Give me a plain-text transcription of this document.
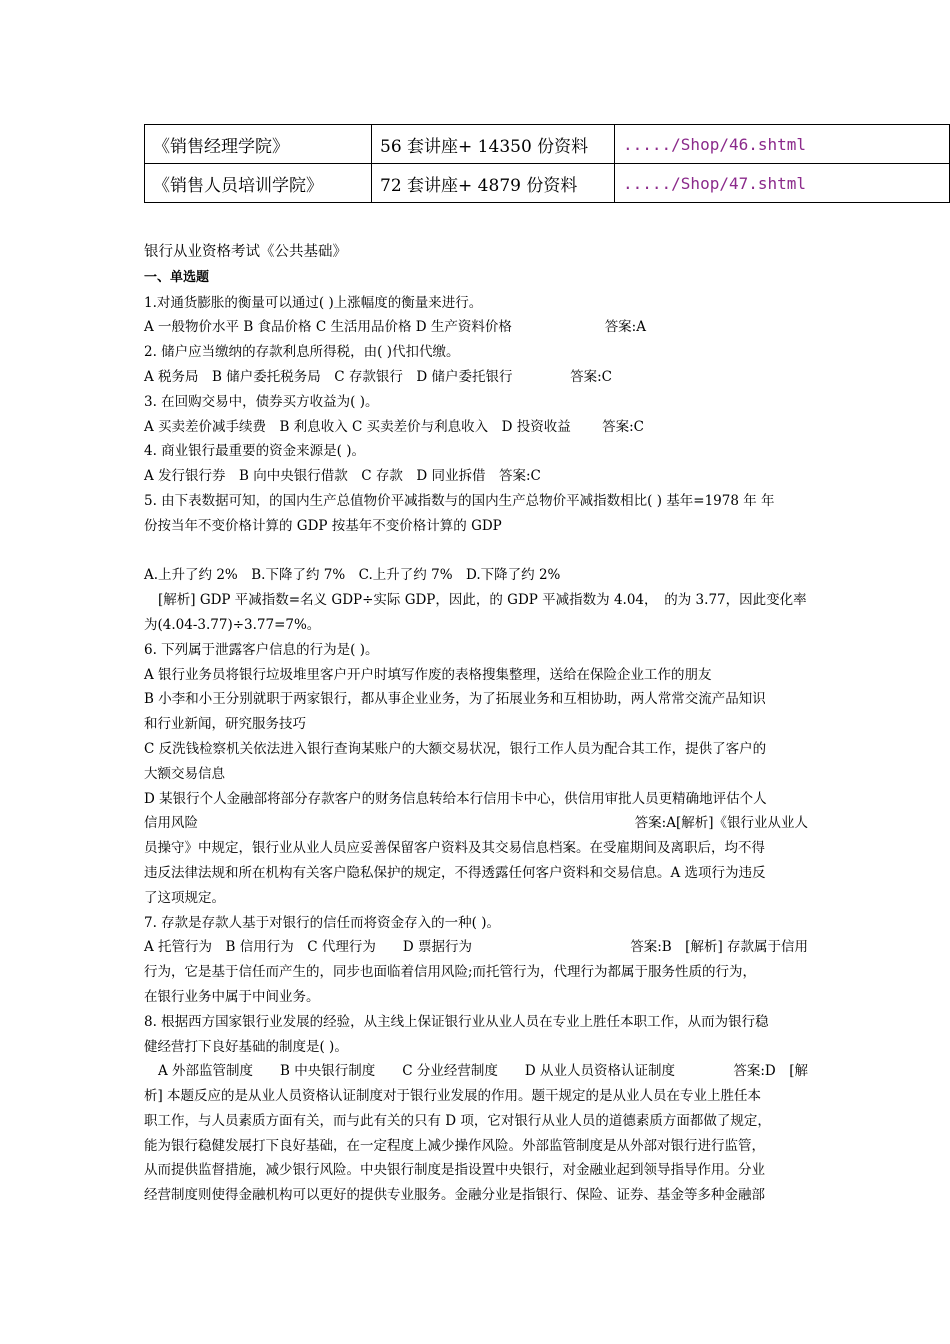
《销售经理学院》	56 套讲座+ 14350 份资料	...../Shop/46.shtml
《销售人员培训学院》	72 套讲座+ 4879 份资料	...../Shop/47.shtml
银行从业资格考试《公共基础》
一、单选题

1.对通货膨胀的衡量可以通过( )上涨幅度的衡量来进行。

A 一般物价水平 B 食品价格 C 生活用品价格 D 生产资料价格	答案:A

2. 储户应当缴纳的存款利息所得税，由( )代扣代缴。

A 税务局　B 储户委托税务局　C 存款银行　D 储户委托银行	答案:C

3. 在回购交易中，债券买方收益为( )。

A 买卖差价减手续费　B 利息收入 C 买卖差价与利息收入　D 投资收益 答案:C

4. 商业银行最重要的资金来源是( )。

A 发行银行券　B 向中央银行借款　C 存款　D 同业拆借　答案:C

5. 由下表数据可知，的国内生产总值物价平减指数与的国内生产总物价平减指数相比( ) 基年=1978 年 年

份按当年不变价格计算的 GDP 按基年不变价格计算的 GDP

A.上升了约 2%　B.下降了约 7%　C.上升了约 7%　D.下降了约 2%

[解析] GDP 平减指数=名义 GDP÷实际 GDP，因此，的 GDP 平减指数为 4.04，　的为 3.77，因此变化率

为(4.04-3.77)÷3.77=7%。

6. 下列属于泄露客户信息的行为是( )。

A 银行业务员将银行垃圾堆里客户开户时填写作废的表格搜集整理，送给在保险企业工作的朋友

B 小李和小王分别就职于两家银行，都从事企业业务，为了拓展业务和互相协助，两人常常交流产品知识

和行业新闻，研究服务技巧

C 反洗钱检察机关依法进入银行查询某账户的大额交易状况，银行工作人员为配合其工作，提供了客户的

大额交易信息

D 某银行个人金融部将部分存款客户的财务信息转给本行信用卡中心，供信用审批人员更精确地评估个人

信用风险	答案:A[解析]《银行业从业人

员操守》中规定，银行业从业人员应妥善保留客户资料及其交易信息档案。在受雇期间及离职后，均不得

违反法律法规和所在机构有关客户隐私保护的规定，不得透露任何客户资料和交易信息。A 选项行为违反

了这项规定。

7. 存款是存款人基于对银行的信任而将资金存入的一种( )。

A 托管行为　B 信用行为　C 代理行为　　D 票据行为	答案:B　[解析] 存款属于信用

行为，它是基于信任而产生的，同步也面临着信用风险;而托管行为，代理行为都属于服务性质的行为，

在银行业务中属于中间业务。

8. 根据西方国家银行业发展的经验，从主线上保证银行业从业人员在专业上胜任本职工作，从而为银行稳

健经营打下良好基础的制度是( )。

A 外部监管制度　　B 中央银行制度　　C 分业经营制度　　D 从业人员资格认证制度	答案:D　[解

析] 本题反应的是从业人员资格认证制度对于银行业发展的作用。题干规定的是从业人员在专业上胜任本

职工作，与人员素质方面有关，而与此有关的只有 D 项，它对银行从业人员的道德素质方面都做了规定，

能为银行稳健发展打下良好基础，在一定程度上减少操作风险。外部监管制度是从外部对银行进行监管，

从而提供监督措施，减少银行风险。中央银行制度是指设置中央银行，对金融业起到领导指导作用。分业

经营制度则使得金融机构可以更好的提供专业服务。金融分业是指银行、保险、证券、基金等多种金融部
